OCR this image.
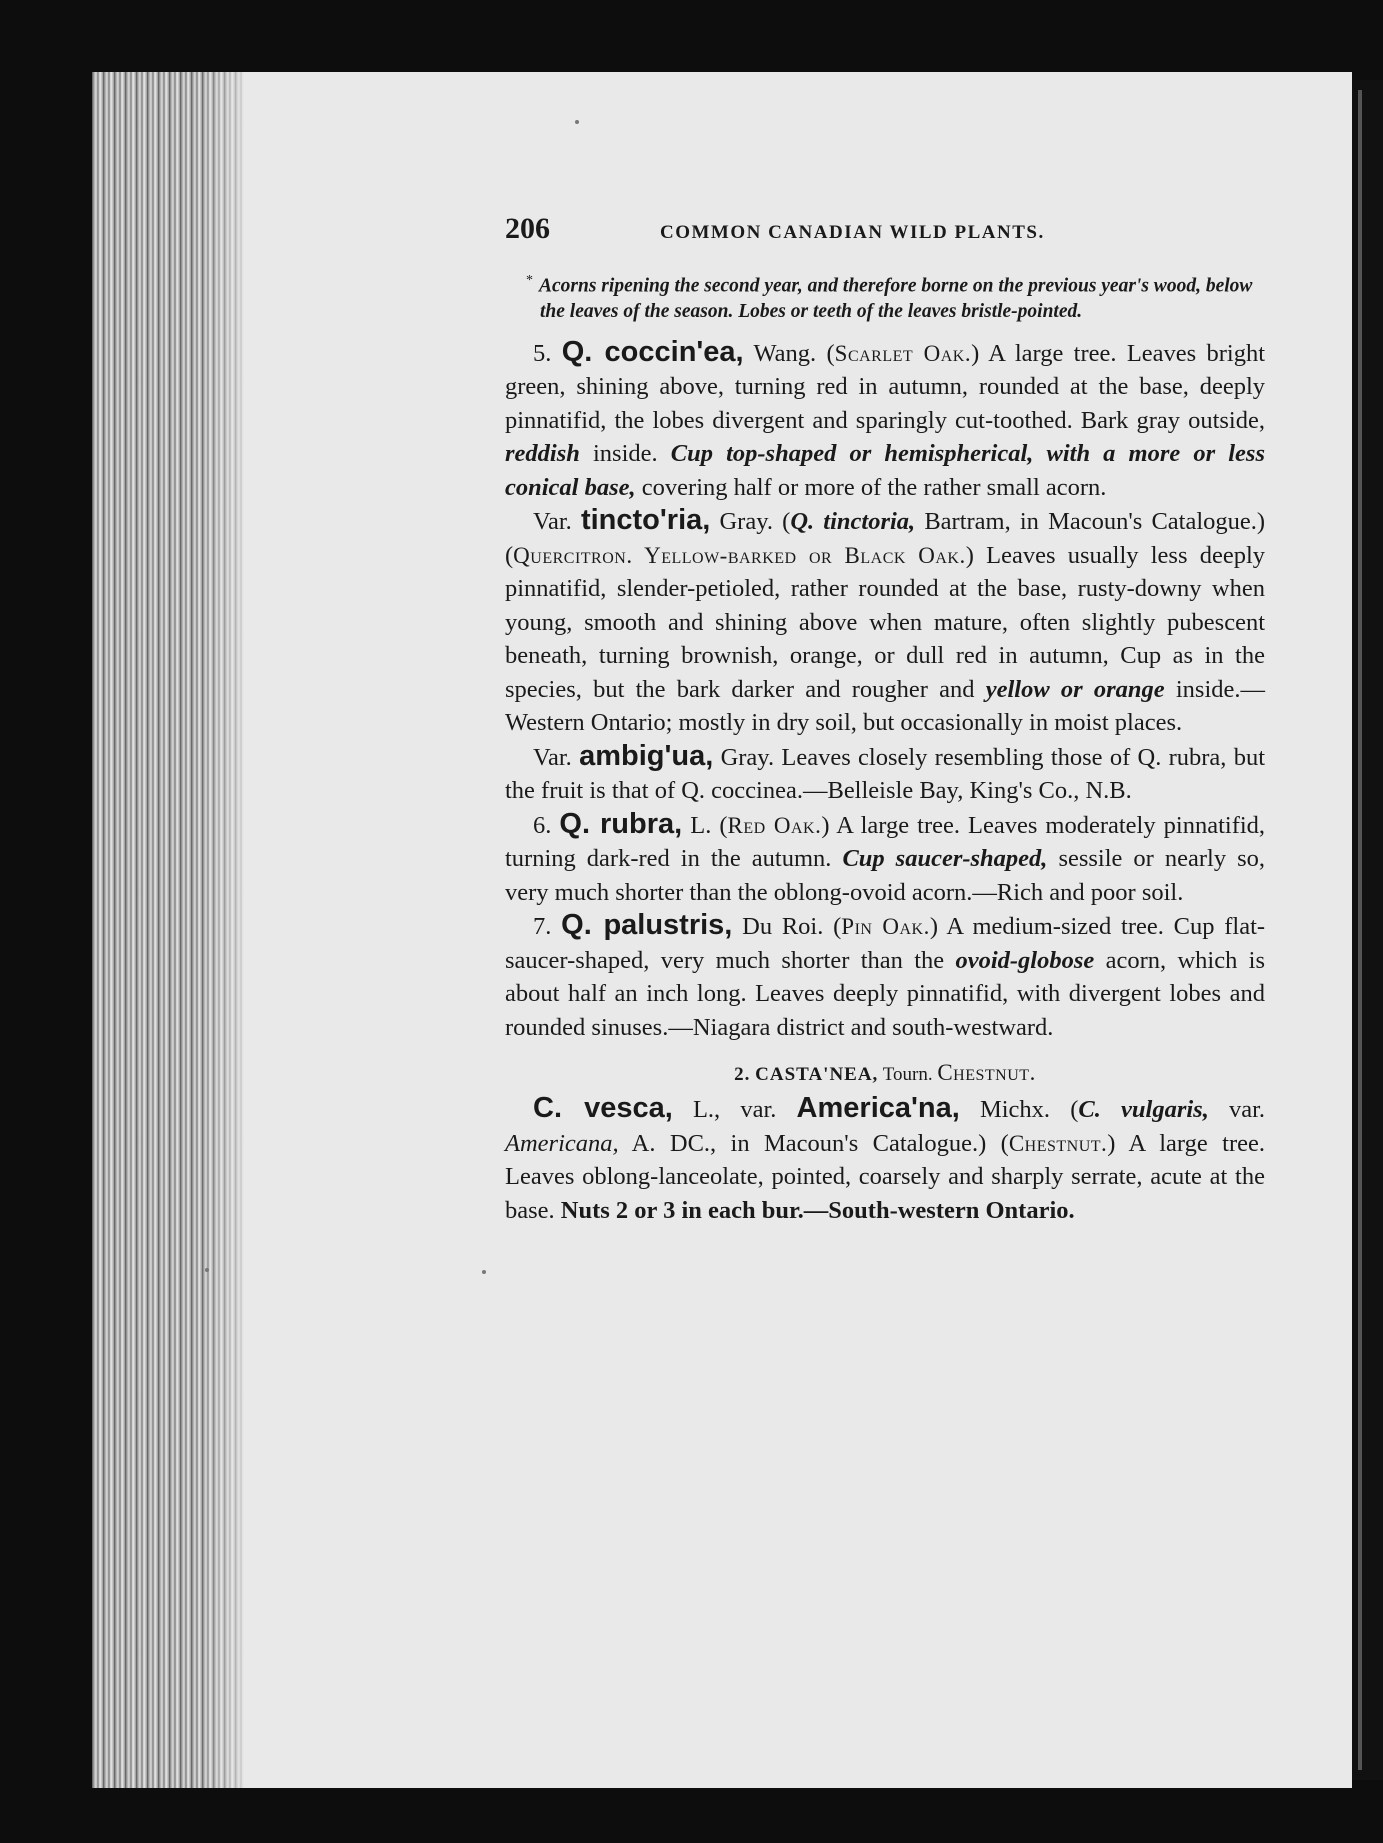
206	COMMON CANADIAN WILD PLANTS.
* Acorns ripening the second year, and therefore borne on the previous year's wood, below the leaves of the season. Lobes or teeth of the leaves bristle-pointed.

5. Q. coccin'ea, Wang. (Scarlet Oak.) A large tree. Leaves bright green, shining above, turning red in autumn, rounded at the base, deeply pinnatifid, the lobes divergent and sparingly cut-toothed. Bark gray outside, reddish inside. Cup top-shaped or hemispherical, with a more or less conical base, covering half or more of the rather small acorn.

Var. tincto'ria, Gray. (Q. tinctoria, Bartram, in Macoun's Catalogue.) (Quercitron. Yellow-barked or Black Oak.) Leaves usually less deeply pinnatifid, slender-petioled, rather rounded at the base, rusty-downy when young, smooth and shining above when mature, often slightly pubescent beneath, turning brownish, orange, or dull red in autumn, Cup as in the species, but the bark darker and rougher and yellow or orange inside.—Western Ontario; mostly in dry soil, but occasionally in moist places.

Var. ambig'ua, Gray. Leaves closely resembling those of Q. rubra, but the fruit is that of Q. coccinea.—Belleisle Bay, King's Co., N.B.

6. Q. rubra, L. (Red Oak.) A large tree. Leaves moderately pinnatifid, turning dark-red in the autumn. Cup saucer-shaped, sessile or nearly so, very much shorter than the oblong-ovoid acorn.—Rich and poor soil.

7. Q. palustris, Du Roi. (Pin Oak.) A medium-sized tree. Cup flat-saucer-shaped, very much shorter than the ovoid-globose acorn, which is about half an inch long. Leaves deeply pinnatifid, with divergent lobes and rounded sinuses.—Niagara district and south-westward.

2. CASTA'NEA, Tourn. Chestnut.

C. vesca, L., var. America'na, Michx. (C. vulgaris, var. Americana, A. DC., in Macoun's Catalogue.) (Chestnut.) A large tree. Leaves oblong-lanceolate, pointed, coarsely and sharply serrate, acute at the base. Nuts 2 or 3 in each bur.—South-western Ontario.
